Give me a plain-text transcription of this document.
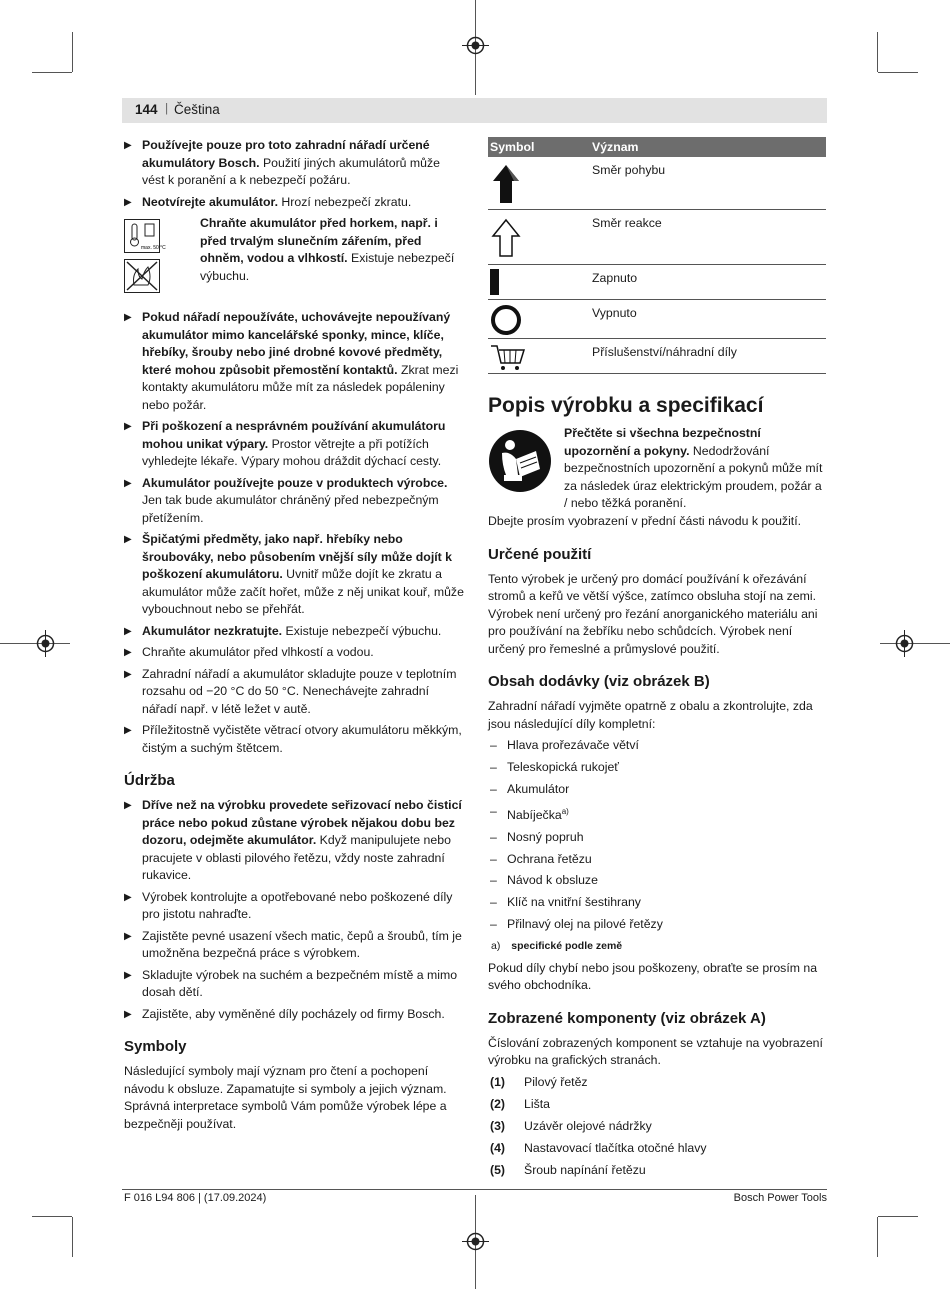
144 | Čeština
▶ Používejte pouze pro toto zahradní nářadí určené akumulátory Bosch. Použití jiných akumulátorů může vést k poranění a k nebezpečí požáru.
▶ Neotvírejte akumulátor. Hrozí nebezpečí zkratu.
max. 50 °C
Chraňte akumulátor před horkem, např. i před trvalým slunečním zářením, před ohněm, vodou a vlhkostí. Existuje nebezpečí výbuchu.
▶ Pokud nářadí nepoužíváte, uchovávejte nepoužívaný akumulátor mimo kancelářské sponky, mince, klíče, hřebíky, šrouby nebo jiné drobné kovové předměty, které mohou způsobit přemostění kontaktů. Zkrat mezi kontakty akumulátoru může mít za následek popáleniny nebo požár.
▶ Při poškození a nesprávném používání akumulátoru mohou unikat výpary. Prostor větrejte a při potížích vyhledejte lékaře. Výpary mohou dráždit dýchací cesty.
▶ Akumulátor používejte pouze v produktech výrobce. Jen tak bude akumulátor chráněný před nebezpečným přetížením.
▶ Špičatými předměty, jako např. hřebíky nebo šroubováky, nebo působením vnější síly může dojít k poškození akumulátoru. Uvnitř může dojít ke zkratu a akumulátor může začít hořet, může z něj unikat kouř, může vybouchnout nebo se přehřát.
▶ Akumulátor nezkratujte. Existuje nebezpečí výbuchu.
▶ Chraňte akumulátor před vlhkostí a vodou.
▶ Zahradní nářadí a akumulátor skladujte pouze v teplotním rozsahu od −20 °C do 50 °C. Nenechávejte zahradní nářadí např. v létě ležet v autě.
▶ Příležitostně vyčistěte větrací otvory akumulátoru měkkým, čistým a suchým štětcem.
Údržba
▶ Dříve než na výrobku provedete seřizovací nebo čisticí práce nebo pokud zůstane výrobek nějakou dobu bez dozoru, odejměte akumulátor. Když manipulujete nebo pracujete v oblasti pilového řetězu, vždy noste zahradní rukavice.
▶ Výrobek kontrolujte a opotřebované nebo poškozené díly pro jistotu nahraďte.
▶ Zajistěte pevné usazení všech matic, čepů a šroubů, tím je umožněna bezpečná práce s výrobkem.
▶ Skladujte výrobek na suchém a bezpečném místě a mimo dosah dětí.
▶ Zajistěte, aby vyměněné díly pocházely od firmy Bosch.
Symboly

Následující symboly mají význam pro čtení a pochopení návodu k obsluze. Zapamatujte si symboly a jejich význam. Správná interpretace symbolů Vám pomůže výrobek lépe a bezpečněji používat.

Symbol	Význam
Směr pohybu
Směr reakce
Zapnuto
Vypnuto
Příslušenství/náhradní díly
Popis výrobku a specifikací
Přečtěte si všechna bezpečnostní upozornění a pokyny. Nedodržování bezpečnostních upozornění a pokynů může mít za následek úraz elektrickým proudem, požár a / nebo těžká poranění.

Dbejte prosím vyobrazení v přední části návodu k použití.

Určené použití

Tento výrobek je určený pro domácí používání k ořezávání stromů a keřů ve větší výšce, zatímco obsluha stojí na zemi. Výrobek není určený pro řezání anorganického materiálu ani pro používání na žebříku nebo schůdcích. Výrobek není určený pro řemeslné a průmyslové použití.

Obsah dodávky (viz obrázek B)

Zahradní nářadí vyjměte opatrně z obalu a zkontrolujte, zda jsou následující díly kompletní:

– Hlava prořezávače větví
– Teleskopická rukojeť
– Akumulátor
– Nabíječka$^{a)}$
– Nosný popruh
– Ochrana řetězu
– Návod k obsluze
– Klíč na vnitřní šestihrany
– Přilnavý olej na pilové řetězy
a) specifické podle země

Pokud díly chybí nebo jsou poškozeny, obraťte se prosím na svého obchodníka.

Zobrazené komponenty (viz obrázek A)

Číslování zobrazených komponent se vztahuje na vyobrazení výrobku na grafických stranách.

(1) Pilový řetěz
(2) Lišta
(3) Uzávěr olejové nádržky
(4) Nastavovací tlačítka otočné hlavy
(5) Šroub napínání řetězu
F 016 L94 806 | (17.09.2024)	Bosch Power Tools
